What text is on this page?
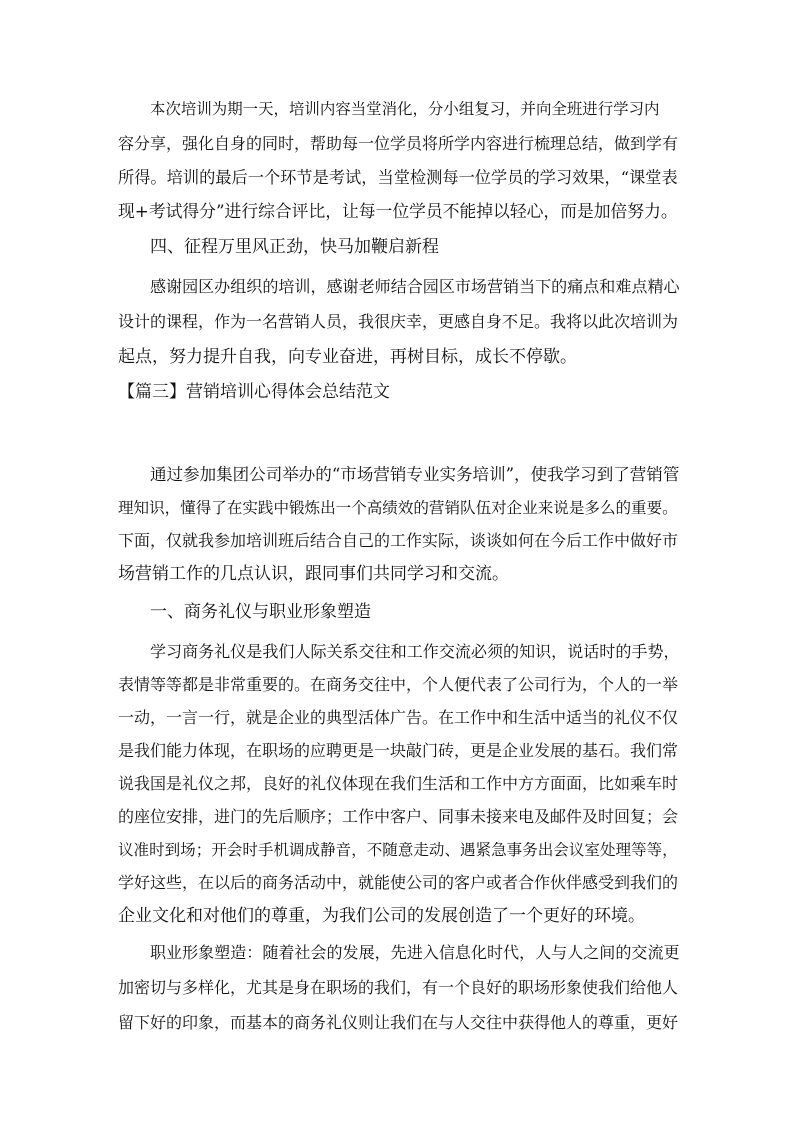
本次培训为期一天，培训内容当堂消化，分小组复习，并向全班进行学习内
容分享，强化自身的同时，帮助每一位学员将所学内容进行梳理总结，做到学有
所得。培训的最后一个环节是考试，当堂检测每一位学员的学习效果，“课堂表
现+考试得分”进行综合评比，让每一位学员不能掉以轻心，而是加倍努力。
四、征程万里风正劲，快马加鞭启新程
感谢园区办组织的培训，感谢老师结合园区市场营销当下的痛点和难点精心
设计的课程，作为一名营销人员，我很庆幸，更感自身不足。我将以此次培训为
起点，努力提升自我，向专业奋进，再树目标，成长不停歇。
【篇三】营销培训心得体会总结范文
通过参加集团公司举办的“市场营销专业实务培训”，使我学习到了营销管
理知识，懂得了在实践中锻炼出一个高绩效的营销队伍对企业来说是多么的重要。
下面，仅就我参加培训班后结合自己的工作实际，谈谈如何在今后工作中做好市
场营销工作的几点认识，跟同事们共同学习和交流。
一、商务礼仪与职业形象塑造
学习商务礼仪是我们人际关系交往和工作交流必须的知识，说话时的手势，
表情等等都是非常重要的。在商务交往中，个人便代表了公司行为，个人的一举
一动，一言一行，就是企业的典型活体广告。在工作中和生活中适当的礼仪不仅
是我们能力体现，在职场的应聘更是一块敲门砖，更是企业发展的基石。我们常
说我国是礼仪之邦，良好的礼仪体现在我们生活和工作中方方面面，比如乘车时
的座位安排，进门的先后顺序；工作中客户、同事未接来电及邮件及时回复；会
议准时到场；开会时手机调成静音，不随意走动、遇紧急事务出会议室处理等等，
学好这些，在以后的商务活动中，就能使公司的客户或者合作伙伴感受到我们的
企业文化和对他们的尊重，为我们公司的发展创造了一个更好的环境。
职业形象塑造：随着社会的发展，先进入信息化时代，人与人之间的交流更
加密切与多样化，尤其是身在职场的我们，有一个良好的职场形象使我们给他人
留下好的印象，而基本的商务礼仪则让我们在与人交往中获得他人的尊重，更好
